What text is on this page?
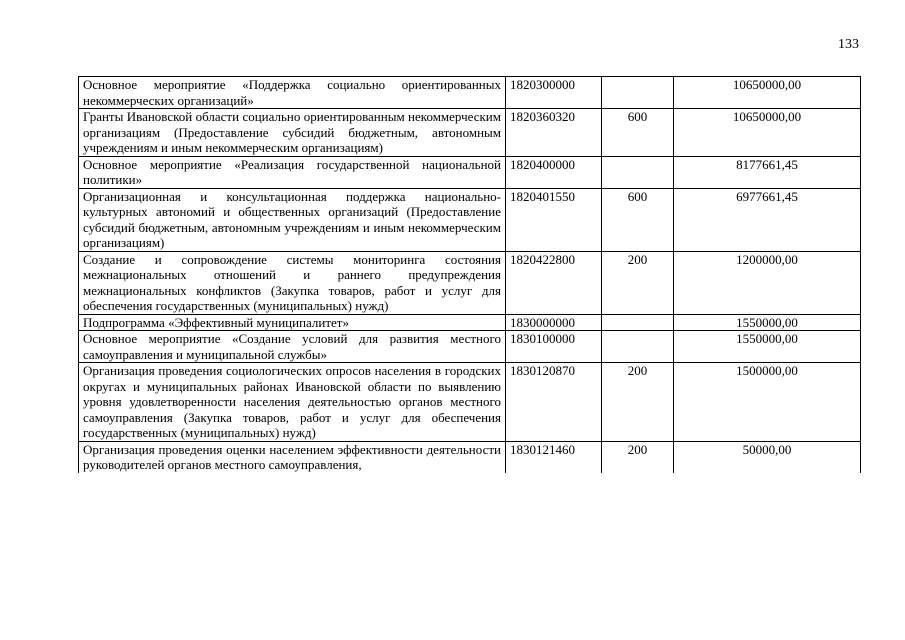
133
Основное мероприятие «Поддержка социально ориентированных некоммерческих организаций»	1820300000		10650000,00
Гранты Ивановской области социально ориентированным некоммерческим организациям (Предоставление субсидий бюджетным, автономным учреждениям и иным некоммерческим организациям)	1820360320	600	10650000,00
Основное мероприятие «Реализация государственной национальной политики»	1820400000		8177661,45
Организационная и консультационная поддержка национально-культурных автономий и общественных организаций (Предоставление субсидий бюджетным, автономным учреждениям и иным некоммерческим организациям)	1820401550	600	6977661,45
Создание и сопровождение системы мониторинга состояния межнациональных отношений и раннего предупреждения межнациональных конфликтов (Закупка товаров, работ и услуг для обеспечения государственных (муниципальных) нужд)	1820422800	200	1200000,00
Подпрограмма «Эффективный муниципалитет»	1830000000		1550000,00
Основное мероприятие «Создание условий для развития местного самоуправления и муниципальной службы»	1830100000		1550000,00
Организация проведения социологических опросов населения в городских округах и муниципальных районах Ивановской области по выявлению уровня удовлетворенности населения деятельностью органов местного самоуправления (Закупка товаров, работ и услуг для обеспечения государственных (муниципальных) нужд)	1830120870	200	1500000,00
Организация проведения оценки населением эффективности деятельности руководителей органов местного самоуправления,	1830121460	200	50000,00
